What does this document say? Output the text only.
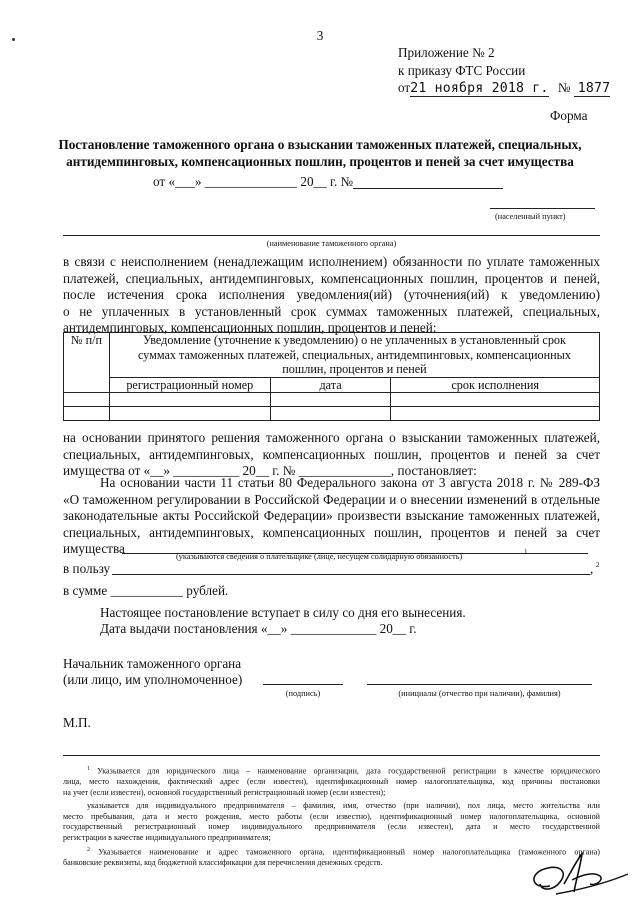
3
Приложение № 2
к приказу ФТС России
от21 ноября 2018 г. № 1877
Форма
Постановление таможенного органа о взыскании таможенных платежей, специальных,
антидемпинговых, компенсационных пошлин, процентов и пеней за счет имущества
от «___» ______________ 20__ г. №
(населенный пункт)
(наименование таможенного органа)
в связи с неисполнением (ненадлежащим исполнением) обязанности по уплате таможенных
платежей, специальных, антидемпинговых, компенсационных пошлин, процентов и пеней,
после истечения срока исполнения уведомления(ий) (уточнения(ий) к уведомлению)
о не уплаченных в установленный срок суммах таможенных платежей, специальных,
антидемпинговых, компенсационных пошлин, процентов и пеней:
№ п/п	Уведомление (уточнение к уведомлению) о не уплаченных в установленный срок
суммах таможенных платежей, специальных, антидемпинговых, компенсационных
пошлин, процентов и пеней		

	регистрационный номер	дата	срок исполнения

на основании принятого решения таможенного органа о взыскании таможенных платежей,
специальных, антидемпинговых, компенсационных пошлин, процентов и пеней за счет
имущества от «__» __________ 20__ г. № ______________, постановляет:
На основании части 11 статьи 80 Федерального закона от 3 августа 2018 г. № 289-ФЗ
«О таможенном регулировании в Российской Федерации и о внесении изменений в отдельные
законодательные акты Российской Федерации» произвести взыскание таможенных платежей,
специальных, антидемпинговых, компенсационных пошлин, процентов и пеней за счет
имущества
(указываются сведения о плательщике (лице, несущем солидарную обязанность)	1
в пользу	, 2
в сумме ___________ рублей.
Настоящее постановление вступает в силу со дня его вынесения.
Дата выдачи постановления «__» _____________ 20__ г.
Начальник таможенного органа
(или лицо, им уполномоченное)
(подпись)	(инициалы (отчество при наличии), фамилия)
М.П.
$^1$ Указывается для юридического лица – наименование организации, дата государственной регистрации в качестве юридического
лица, место нахождения, фактический адрес (если известен), идентификационный номер налогоплательщика, код причины постановки
на учет (если известен), основной государственный регистрационный номер (если известен);
указывается для индивидуального предпринимателя – фамилия, имя, отчество (при наличии), пол лица, место жительства или
место пребывания, дата и место рождения, место работы (если известно), идентификационный номер налогоплательщика, основной
государственный регистрационный номер индивидуального предпринимателя (если известен), дата и место государственной
регистрации в качестве индивидуального предпринимателя;
$^2$ Указывается наименование и адрес таможенного органа, идентификационный номер налогоплательщика (таможенного органа)
банковские реквизиты, код бюджетной классификации для перечисления денежных средств.
